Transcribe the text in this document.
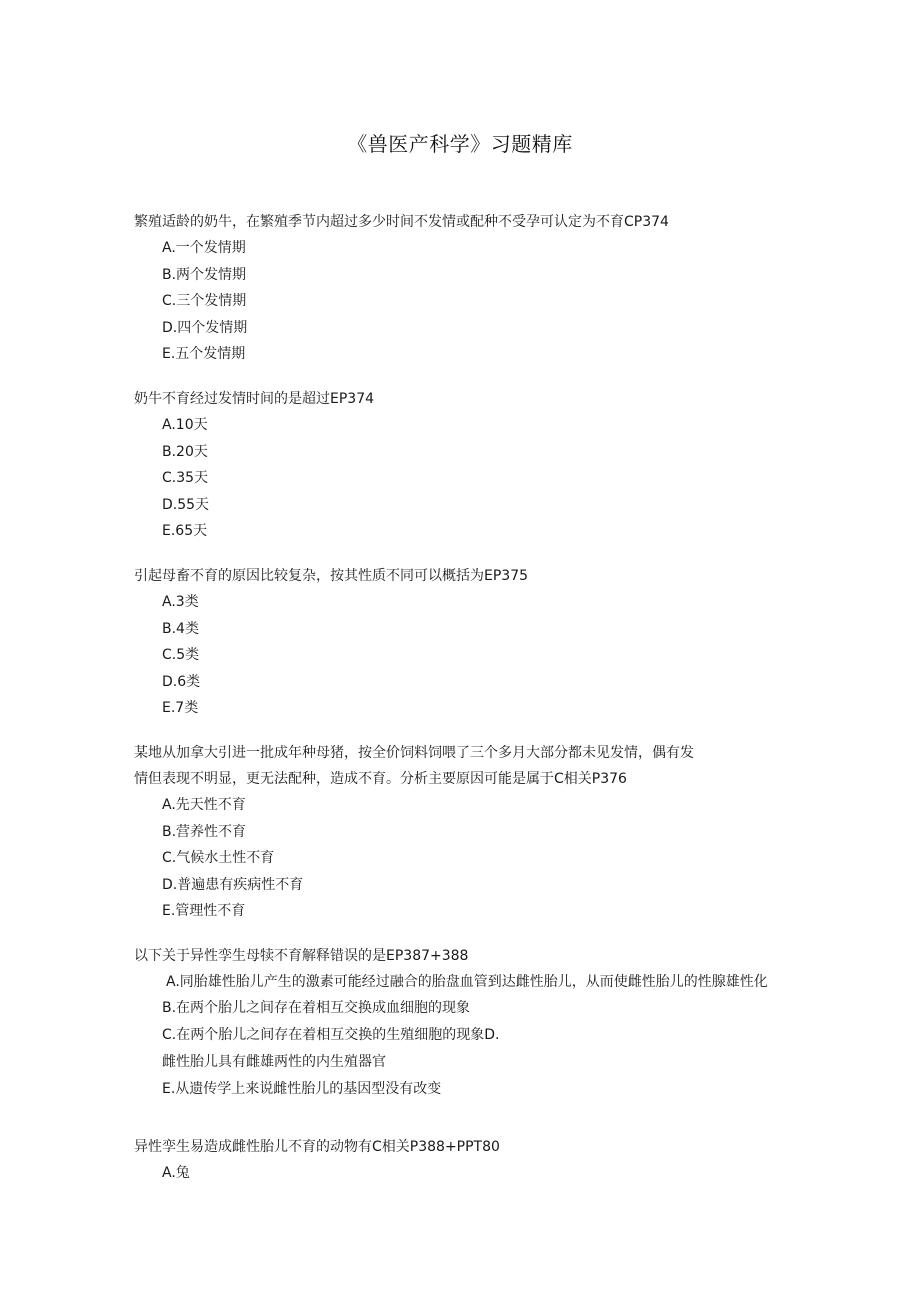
《兽医产科学》习题精库
繁殖适龄的奶牛，在繁殖季节内超过多少时间不发情或配种不受孕可认定为不育CP374
A.一个发情期
B.两个发情期
C.三个发情期
D.四个发情期
E.五个发情期
奶牛不育经过发情时间的是超过EP374
A.10天
B.20天
C.35天
D.55天
E.65天
引起母畜不育的原因比较复杂，按其性质不同可以概括为EP375
A.3类
B.4类
C.5类
D.6类
E.7类
某地从加拿大引进一批成年种母猪，按全价饲料饲喂了三个多月大部分都未见发情，偶有发
情但表现不明显，更无法配种，造成不育。分析主要原因可能是属于C相关P376
A.先天性不育
B.营养性不育
C.气候水土性不育
D.普遍患有疾病性不育
E.管理性不育
以下关于异性孪生母犊不育解释错误的是EP387+388
A.同胎雄性胎儿产生的激素可能经过融合的胎盘血管到达雌性胎儿，从而使雌性胎儿的性腺雄性化
B.在两个胎儿之间存在着相互交换成血细胞的现象
C.在两个胎儿之间存在着相互交换的生殖细胞的现象D.
雌性胎儿具有雌雄两性的内生殖器官
E.从遗传学上来说雌性胎儿的基因型没有改变
异性孪生易造成雌性胎儿不育的动物有C相关P388+PPT80
A.兔
